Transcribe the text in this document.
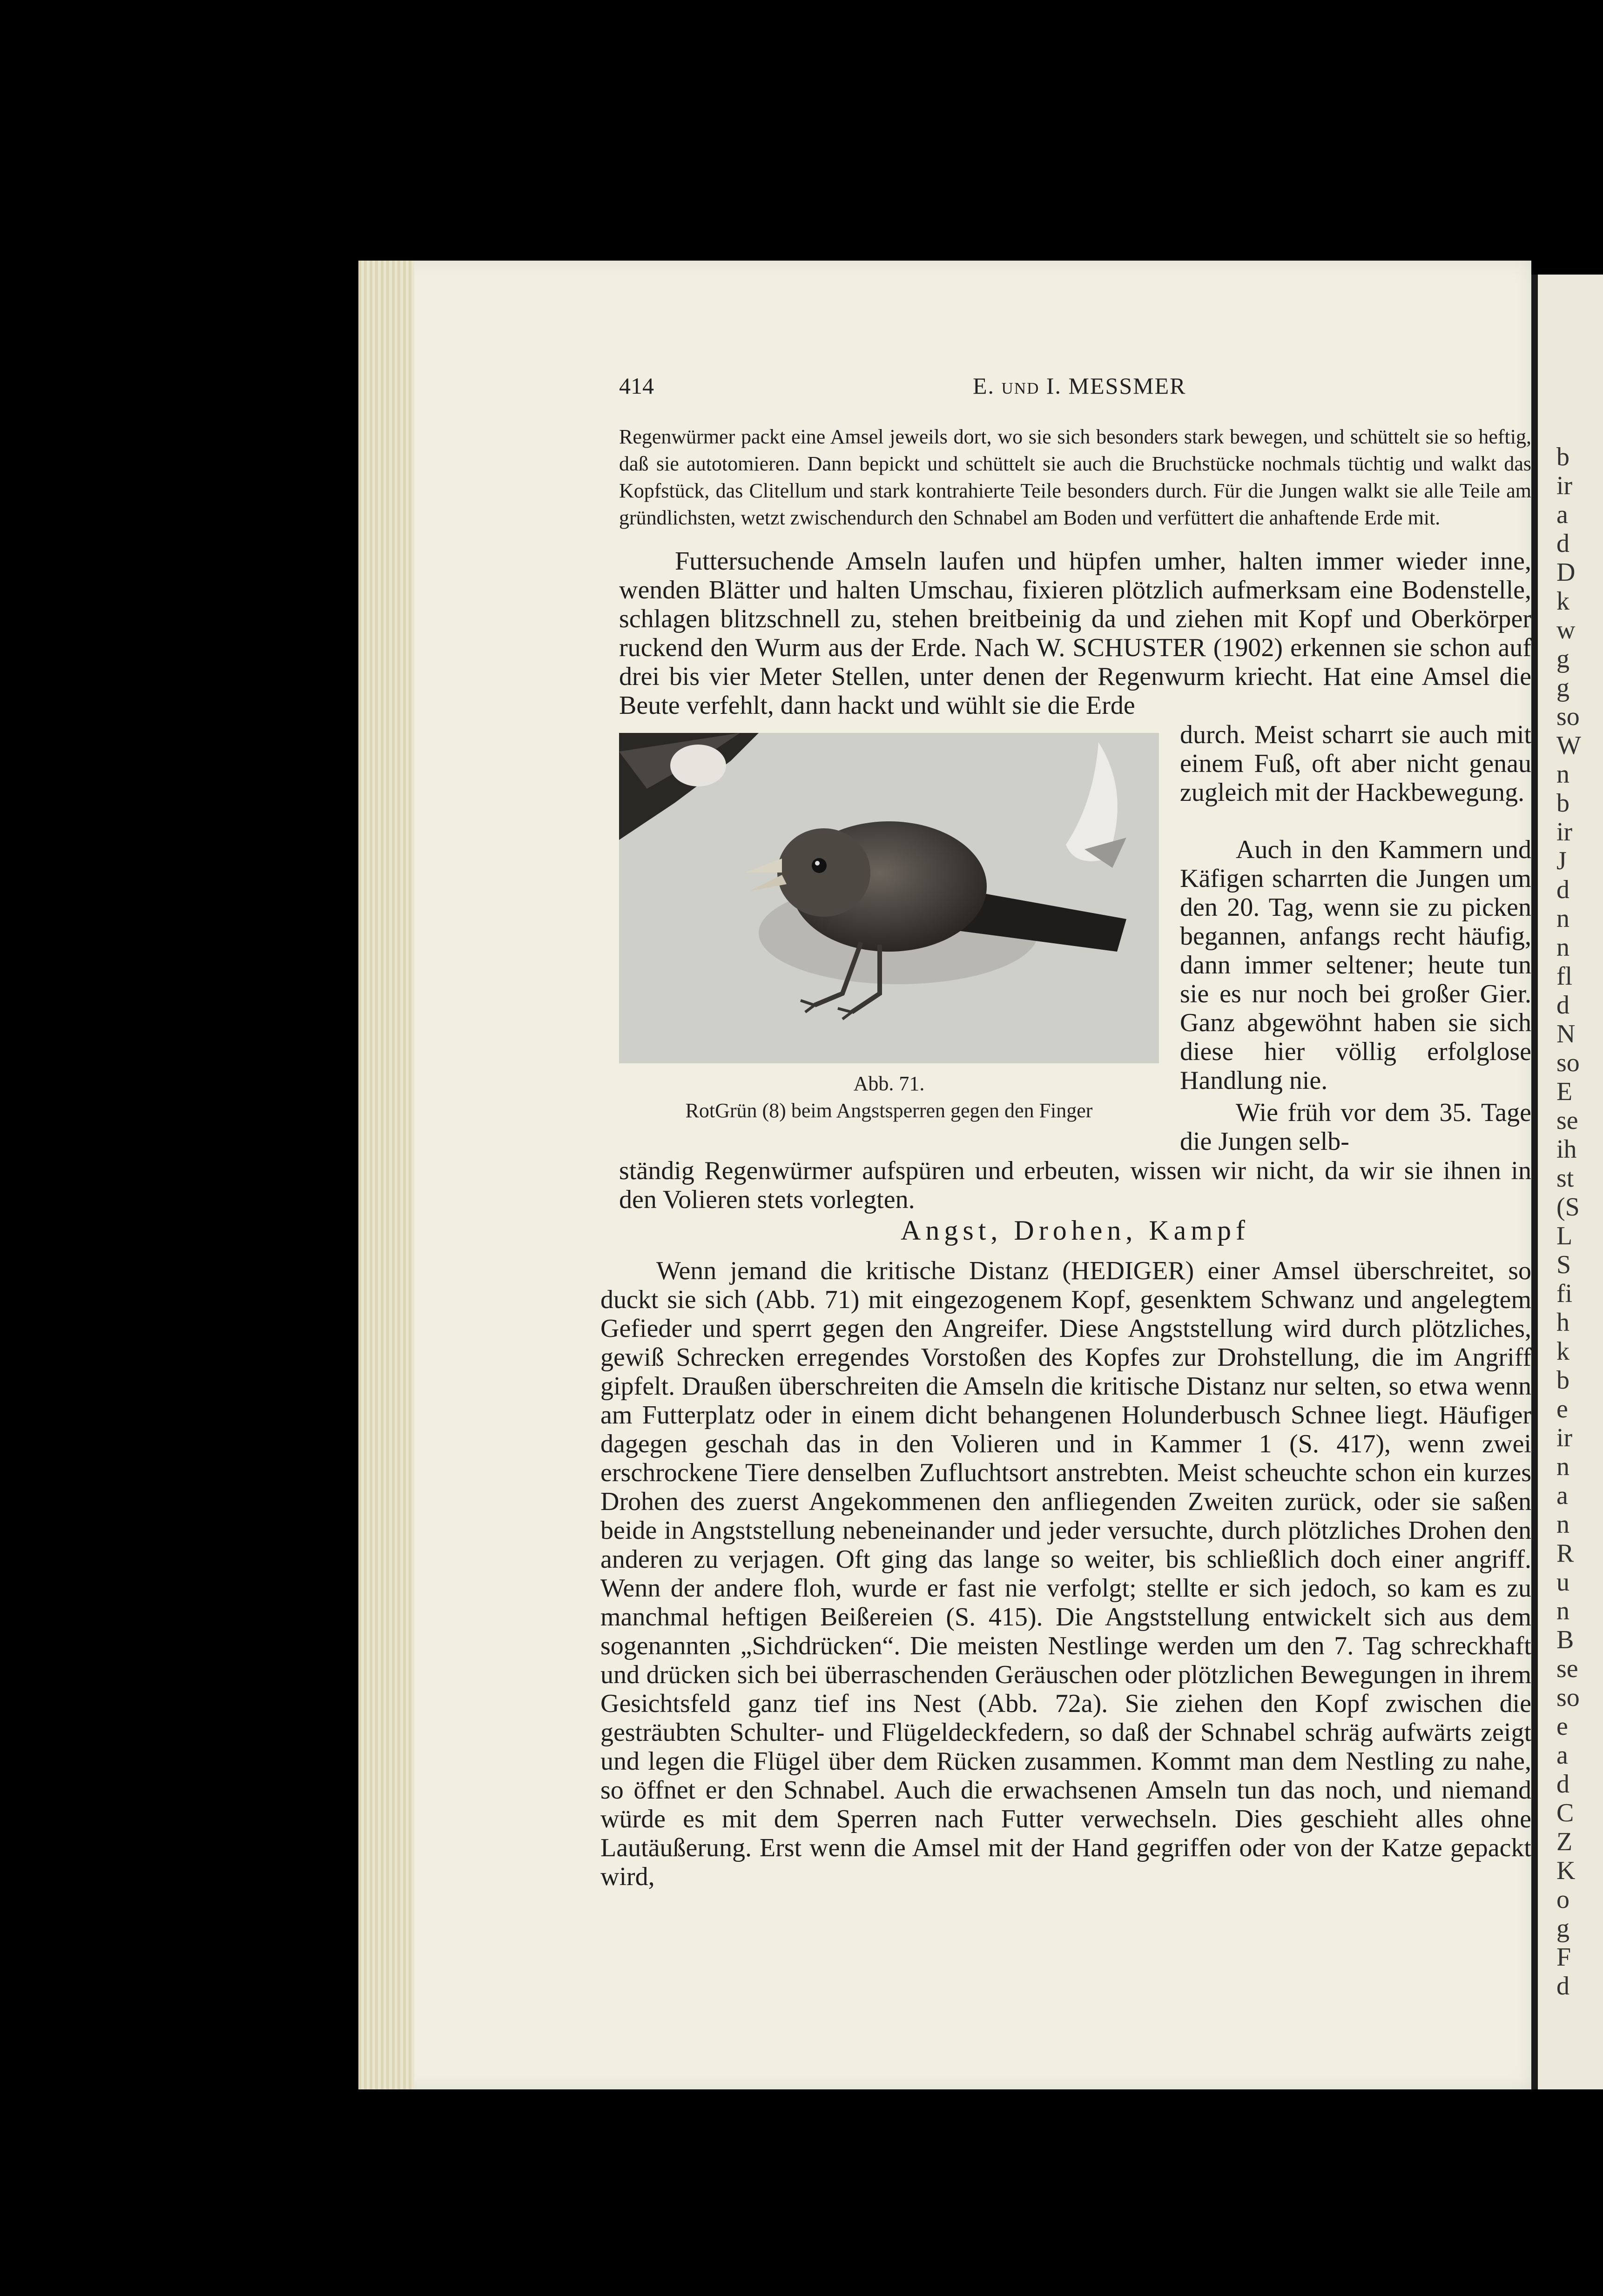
b
ir
a
d
D
k
w
g
g
so
W
n
b
ir
J
d
n
n
fl
d
N
so
E
se
ih
st
(S
L
S
fi
h
k
b
e
ir
n
a
n
R
u
n
B
se
so
e
a
d
C
Z
K
o
g
F
d
414	E. und I. MESSMER
Regenwürmer packt eine Amsel jeweils dort, wo sie sich besonders stark bewegen, und schüttelt sie so heftig, daß sie autotomieren. Dann bepickt und schüttelt sie auch die Bruchstücke nochmals tüchtig und walkt das Kopfstück, das Clitellum und stark kontrahierte Teile besonders durch. Für die Jungen walkt sie alle Teile am gründlichsten, wetzt zwischendurch den Schnabel am Boden und verfüttert die anhaftende Erde mit.
Futtersuchende Amseln laufen und hüpfen umher, halten immer wieder inne, wenden Blätter und halten Umschau, fixieren plötzlich aufmerksam eine Bodenstelle, schlagen blitzschnell zu, stehen breitbeinig da und ziehen mit Kopf und Oberkörper ruckend den Wurm aus der Erde. Nach W. SCHUSTER (1902) erkennen sie schon auf drei bis vier Meter Stellen, unter denen der Regenwurm kriecht. Hat eine Amsel die Beute verfehlt, dann hackt und wühlt sie die Erde
Abb. 71.
RotGrün (8) beim Angstsperren gegen den Finger
durch. Meist scharrt sie auch mit einem Fuß, oft aber nicht genau zugleich mit der Hackbewegung.
Auch in den Kammern und Käfigen scharrten die Jungen um den 20. Tag, wenn sie zu picken begannen, anfangs recht häufig, dann immer seltener; heute tun sie es nur noch bei großer Gier. Ganz abgewöhnt haben sie sich diese hier völlig erfolglose Handlung nie.
Wie früh vor dem 35. Tage die Jungen selb-
ständig Regenwürmer aufspüren und erbeuten, wissen wir nicht, da wir sie ihnen in den Volieren stets vorlegten.
Angst, Drohen, Kampf
Wenn jemand die kritische Distanz (HEDIGER) einer Amsel überschreitet, so duckt sie sich (Abb. 71) mit eingezogenem Kopf, gesenktem Schwanz und angelegtem Gefieder und sperrt gegen den Angreifer. Diese Angststellung wird durch plötzliches, gewiß Schrecken erregendes Vorstoßen des Kopfes zur Drohstellung, die im Angriff gipfelt. Draußen überschreiten die Amseln die kritische Distanz nur selten, so etwa wenn am Futterplatz oder in einem dicht behangenen Holunderbusch Schnee liegt. Häufiger dagegen geschah das in den Volieren und in Kammer 1 (S. 417), wenn zwei erschrockene Tiere denselben Zufluchtsort anstrebten. Meist scheuchte schon ein kurzes Drohen des zuerst Angekommenen den anfliegenden Zweiten zurück, oder sie saßen beide in Angststellung nebeneinander und jeder versuchte, durch plötzliches Drohen den anderen zu verjagen. Oft ging das lange so weiter, bis schließlich doch einer angriff. Wenn der andere floh, wurde er fast nie verfolgt; stellte er sich jedoch, so kam es zu manchmal heftigen Beißereien (S. 415). Die Angststellung entwickelt sich aus dem sogenannten „Sichdrücken“. Die meisten Nestlinge werden um den 7. Tag schreckhaft und drücken sich bei überraschenden Geräuschen oder plötzlichen Bewegungen in ihrem Gesichtsfeld ganz tief ins Nest (Abb. 72a). Sie ziehen den Kopf zwischen die gesträubten Schulter- und Flügeldeckfedern, so daß der Schnabel schräg aufwärts zeigt und legen die Flügel über dem Rücken zusammen. Kommt man dem Nestling zu nahe, so öffnet er den Schnabel. Auch die erwachsenen Amseln tun das noch, und niemand würde es mit dem Sperren nach Futter verwechseln. Dies geschieht alles ohne Lautäußerung. Erst wenn die Amsel mit der Hand gegriffen oder von der Katze gepackt wird,
